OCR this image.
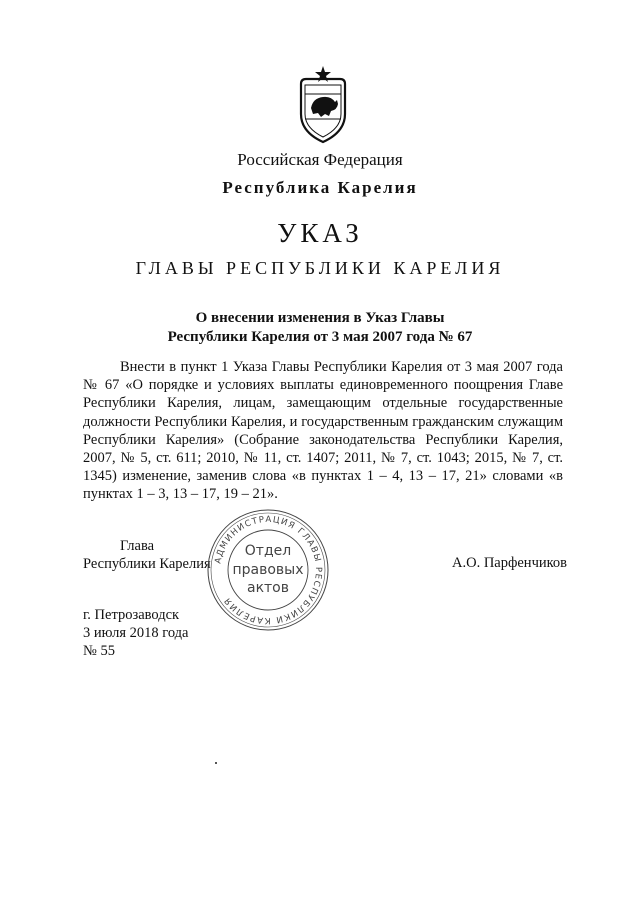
Российская Федерация
Республика Карелия
УКАЗ
ГЛАВЫ РЕСПУБЛИКИ КАРЕЛИЯ
О внесении изменения в Указ Главы
Республики Карелия от 3 мая 2007 года № 67

Внести в пункт 1 Указа Главы Республики Карелия от 3 мая 2007 года № 67 «О порядке и условиях выплаты единовременного поощрения Главе Республики Карелия, лицам, замещающим отдельные государственные должности Республики Карелия, и государственным гражданским служащим Республики Карелия» (Собрание законодательства Республики Карелия, 2007, № 5, ст. 611; 2010, № 11, ст. 1407; 2011, № 7, ст. 1043; 2015, № 7, ст. 1345) изменение, заменив слова «в пунктах 1 – 4, 13 – 17, 21» словами «в пунктах 1 – 3, 13 – 17, 19 – 21».

Глава
Республики Карелия	А.О. Парфенчиков
АДМИНИСТРАЦИЯ ГЛАВЫ РЕСПУБЛИКИ КАРЕЛИЯ
Отдел
правовых
актов
г. Петрозаводск
3 июля 2018 года
№ 55
